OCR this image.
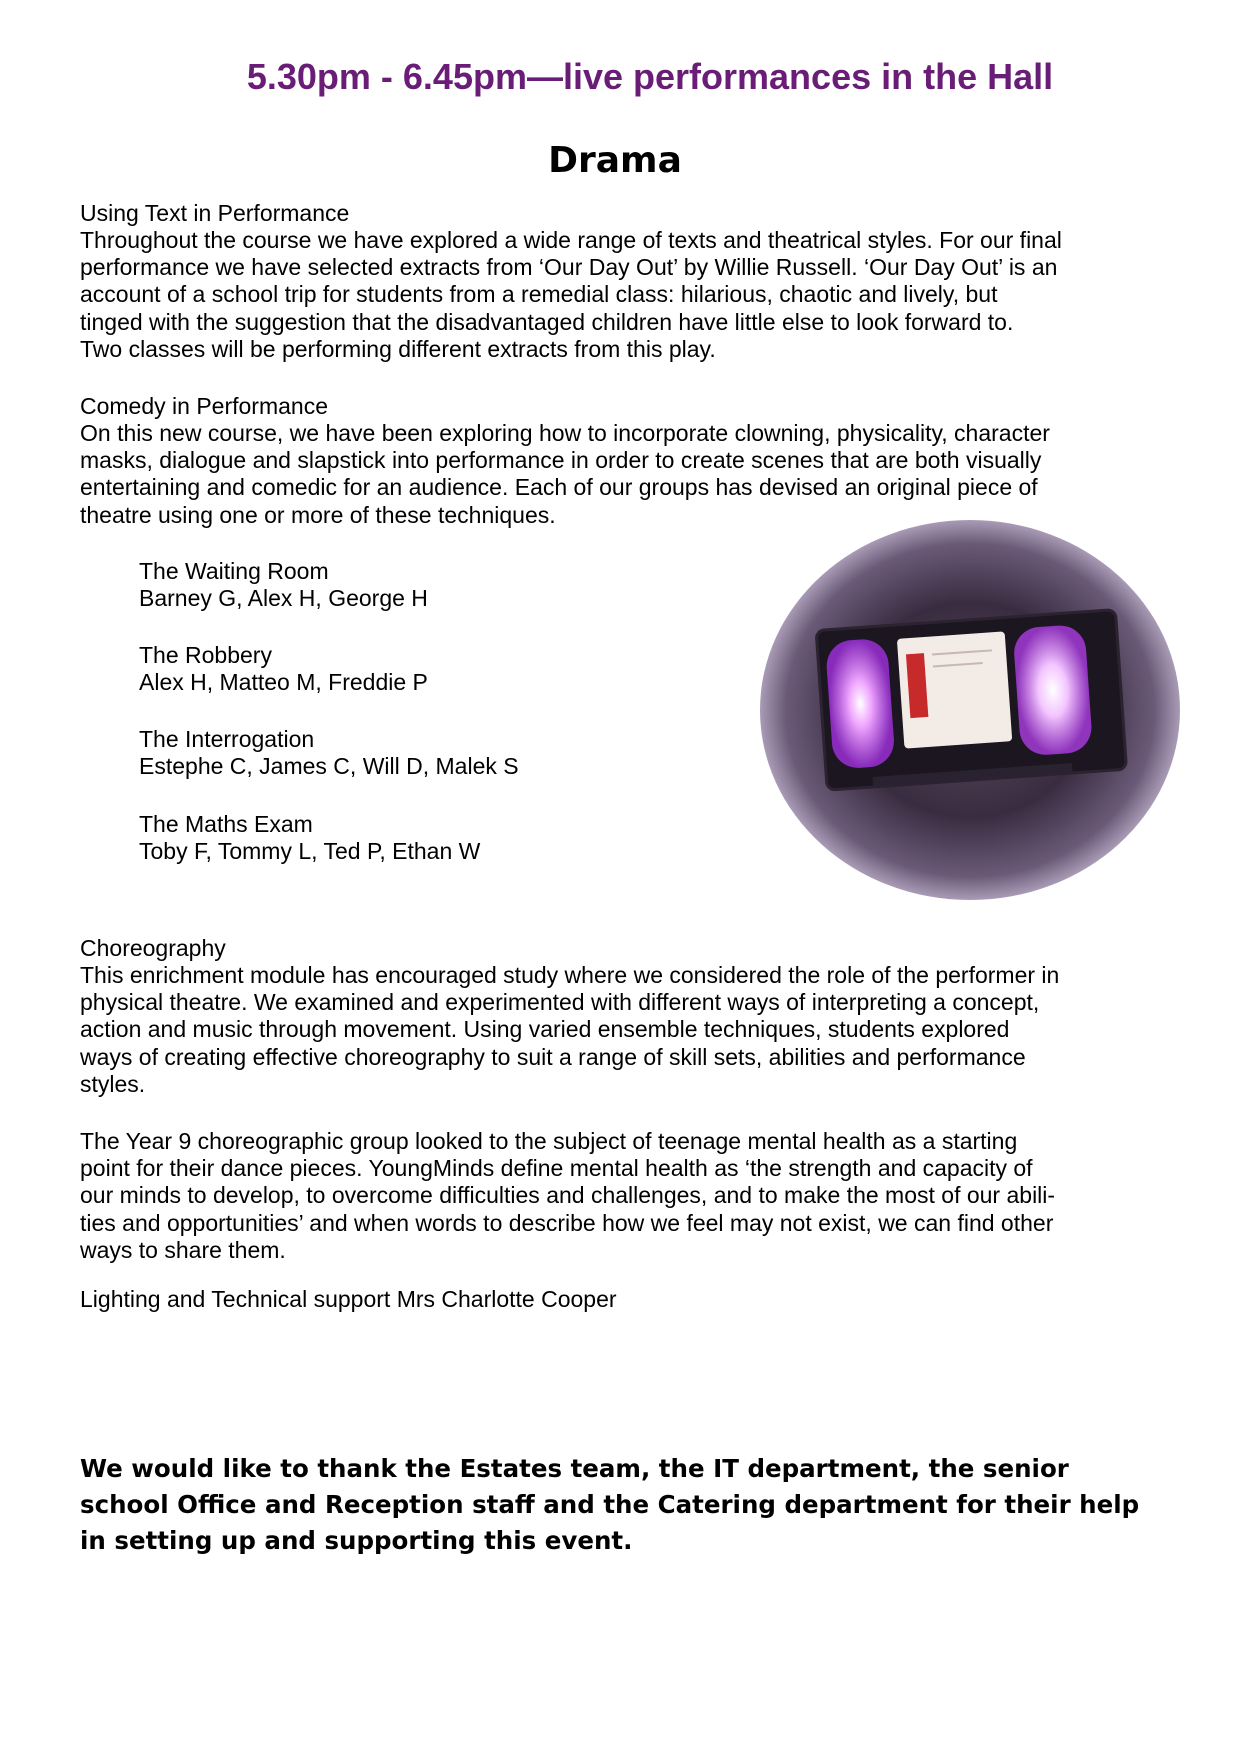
5.30pm - 6.45pm—live performances in the Hall
Drama
Using Text in Performance
Throughout the course we have explored a wide range of texts and theatrical styles. For our final
performance we have selected extracts from ‘Our Day Out’ by Willie Russell. ‘Our Day Out’ is an
account of a school trip for students from a remedial class: hilarious, chaotic and lively, but
tinged with the suggestion that the disadvantaged children have little else to look forward to.
Two classes will be performing different extracts from this play.
Comedy in Performance
On this new course, we have been exploring how to incorporate clowning, physicality, character
masks, dialogue and slapstick into performance in order to create scenes that are both visually
entertaining and comedic for an audience. Each of our groups has devised an original piece of
theatre using one or more of these techniques.
The Waiting Room
Barney G, Alex H, George H
The Robbery
Alex H, Matteo M, Freddie P
The Interrogation
Estephe C, James C, Will D, Malek S
The Maths Exam
Toby F, Tommy L, Ted P, Ethan W
Choreography
This enrichment module has encouraged study where we considered the role of the performer in
physical theatre. We examined and experimented with different ways of interpreting a concept,
action and music through movement. Using varied ensemble techniques, students explored
ways of creating effective choreography to suit a range of skill sets, abilities and performance
styles.
The Year 9 choreographic group looked to the subject of teenage mental health as a starting
point for their dance pieces. YoungMinds define mental health as ‘the strength and capacity of
our minds to develop, to overcome difficulties and challenges, and to make the most of our abili-
ties and opportunities’ and when words to describe how we feel may not exist, we can find other
ways to share them.
Lighting and Technical support Mrs Charlotte Cooper

We would like to thank the Estates team, the IT department, the senior school Office and Reception staff and the Catering department for their help in setting up and supporting this event.
